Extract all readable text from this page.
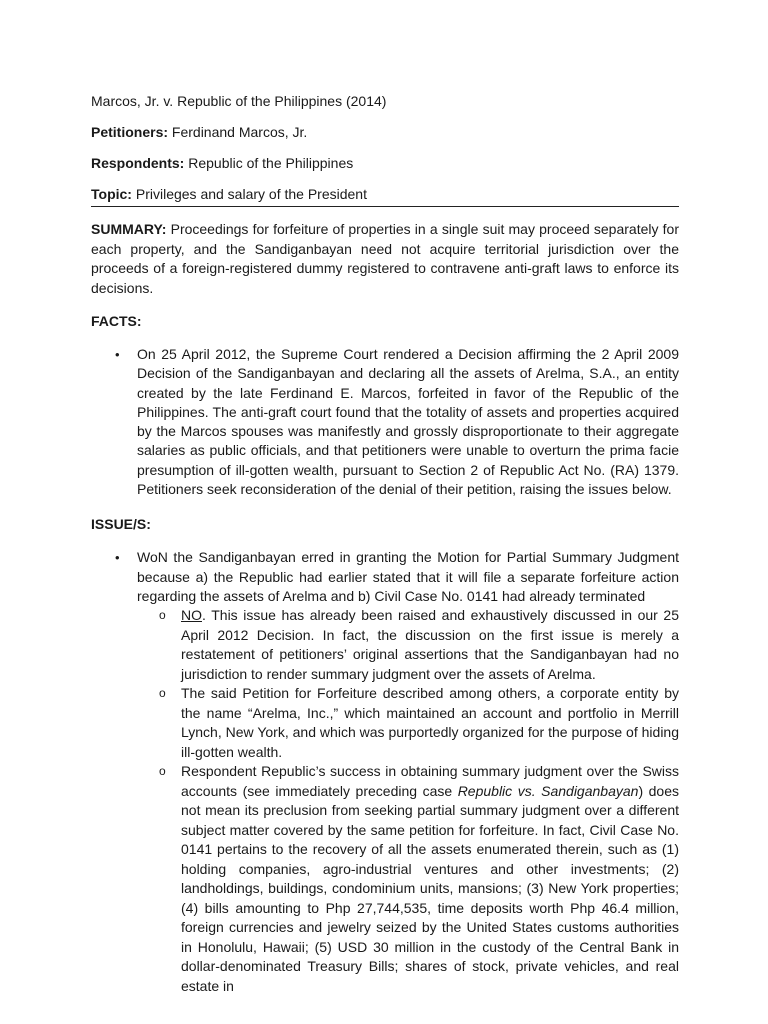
Marcos, Jr. v. Republic of the Philippines (2014)

Petitioners: Ferdinand Marcos, Jr.

Respondents: Republic of the Philippines

Topic: Privileges and salary of the President

SUMMARY: Proceedings for forfeiture of properties in a single suit may proceed separately for each property, and the Sandiganbayan need not acquire territorial jurisdiction over the proceeds of a foreign-registered dummy registered to contravene anti-graft laws to enforce its decisions.

FACTS:

• On 25 April 2012, the Supreme Court rendered a Decision affirming the 2 April 2009 Decision of the Sandiganbayan and declaring all the assets of Arelma, S.A., an entity created by the late Ferdinand E. Marcos, forfeited in favor of the Republic of the Philippines. The anti-graft court found that the totality of assets and properties acquired by the Marcos spouses was manifestly and grossly disproportionate to their aggregate salaries as public officials, and that petitioners were unable to overturn the prima facie presumption of ill-gotten wealth, pursuant to Section 2 of Republic Act No. (RA) 1379. Petitioners seek reconsideration of the denial of their petition, raising the issues below.

ISSUE/S:

• WoN the Sandiganbayan erred in granting the Motion for Partial Summary Judgment because a) the Republic had earlier stated that it will file a separate forfeiture action regarding the assets of Arelma and b) Civil Case No. 0141 had already terminated
o NO. This issue has already been raised and exhaustively discussed in our 25 April 2012 Decision. In fact, the discussion on the first issue is merely a restatement of petitioners’ original assertions that the Sandiganbayan had no jurisdiction to render summary judgment over the assets of Arelma.
o The said Petition for Forfeiture described among others, a corporate entity by the name “Arelma, Inc.,” which maintained an account and portfolio in Merrill Lynch, New York, and which was purportedly organized for the purpose of hiding ill-gotten wealth.
o Respondent Republic’s success in obtaining summary judgment over the Swiss accounts (see immediately preceding case Republic vs. Sandiganbayan) does not mean its preclusion from seeking partial summary judgment over a different subject matter covered by the same petition for forfeiture. In fact, Civil Case No. 0141 pertains to the recovery of all the assets enumerated therein, such as (1) holding companies, agro-industrial ventures and other investments; (2) landholdings, buildings, condominium units, mansions; (3) New York properties; (4) bills amounting to Php 27,744,535, time deposits worth Php 46.4 million, foreign currencies and jewelry seized by the United States customs authorities in Honolulu, Hawaii; (5) USD 30 million in the custody of the Central Bank in dollar-denominated Treasury Bills; shares of stock, private vehicles, and real estate in
